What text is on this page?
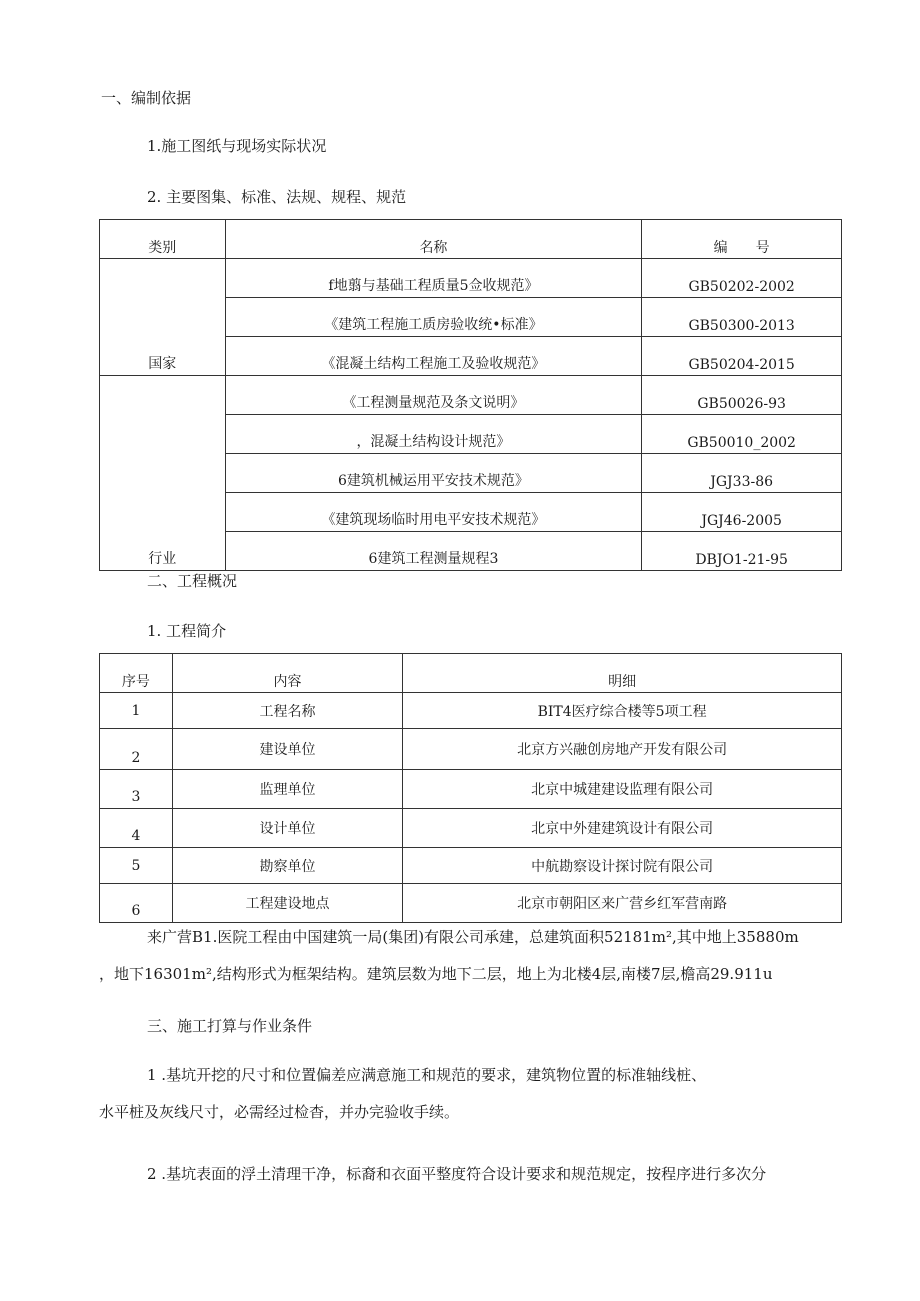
一、编制依据
1.施工图纸与现场实际状况
2. 主要图集、标准、法规、规程、规范
类别	名称	编　　号
国家	f地翦与基础工程质量5佥收规范》	GB50202-2002
	《建筑工程施工质房验收统•标准》	GB50300-2013
	《混凝土结构工程施工及验收规范》	GB50204-2015
行业	《工程测量规范及条文说明》	GB50026-93
	，混凝土结构设计规范》	GB50010_2002
	6建筑机械运用平安技术规范》	JGJ33-86
	《建筑现场临时用电平安技术规范》	JGJ46-2005
	6建筑工程测量规程3	DBJO1-21-95
二、工程概况
1. 工程简介
序号	内容	明细
1	工程名称	BIT4医疗综合楼等5项工程
2	建设单位	北京方兴融创房地产开发有限公司
3	监理单位	北京中城建建设监理有限公司
4	设计单位	北京中外建建筑设计有限公司
5	勘察单位	中航勘察设计探讨院有限公司
6	工程建设地点	北京市朝阳区来广营乡红军营南路
来广营B1.医院工程由中国建筑一局(集团)有限公司承建，总建筑面积52181m²,其中地上35880m
，地下16301m²,结构形式为框架结构。建筑层数为地下二层，地上为北楼4层,南楼7层,檐高29.911u
三、施工打算与作业条件
1 .基坑开挖的尺寸和位置偏差应满意施工和规范的要求，建筑物位置的标准轴线桩、
水平桩及灰线尺寸，必需经过检杳，并办完验收手续。
2 .基坑表面的浮土清理干净，标裔和衣面平整度符合设计要求和规范规定，按程序进行多次分
